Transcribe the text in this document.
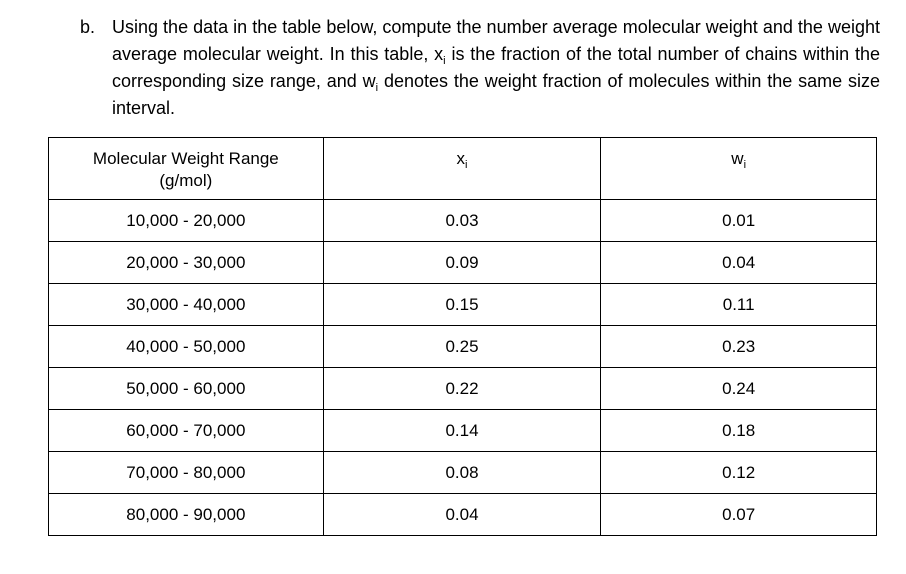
b. Using the data in the table below, compute the number average molecular weight and the weight average molecular weight. In this table, $x_i$ is the fraction of the total number of chains within the corresponding size range, and $w_i$ denotes the weight fraction of molecules within the same size interval.
Molecular Weight Range
(g/mol)	$x_i$	$w_i$
10,000 - 20,000	0.03	0.01
20,000 - 30,000	0.09	0.04
30,000 - 40,000	0.15	0.11
40,000 - 50,000	0.25	0.23
50,000 - 60,000	0.22	0.24
60,000 - 70,000	0.14	0.18
70,000 - 80,000	0.08	0.12
80,000 - 90,000	0.04	0.07
